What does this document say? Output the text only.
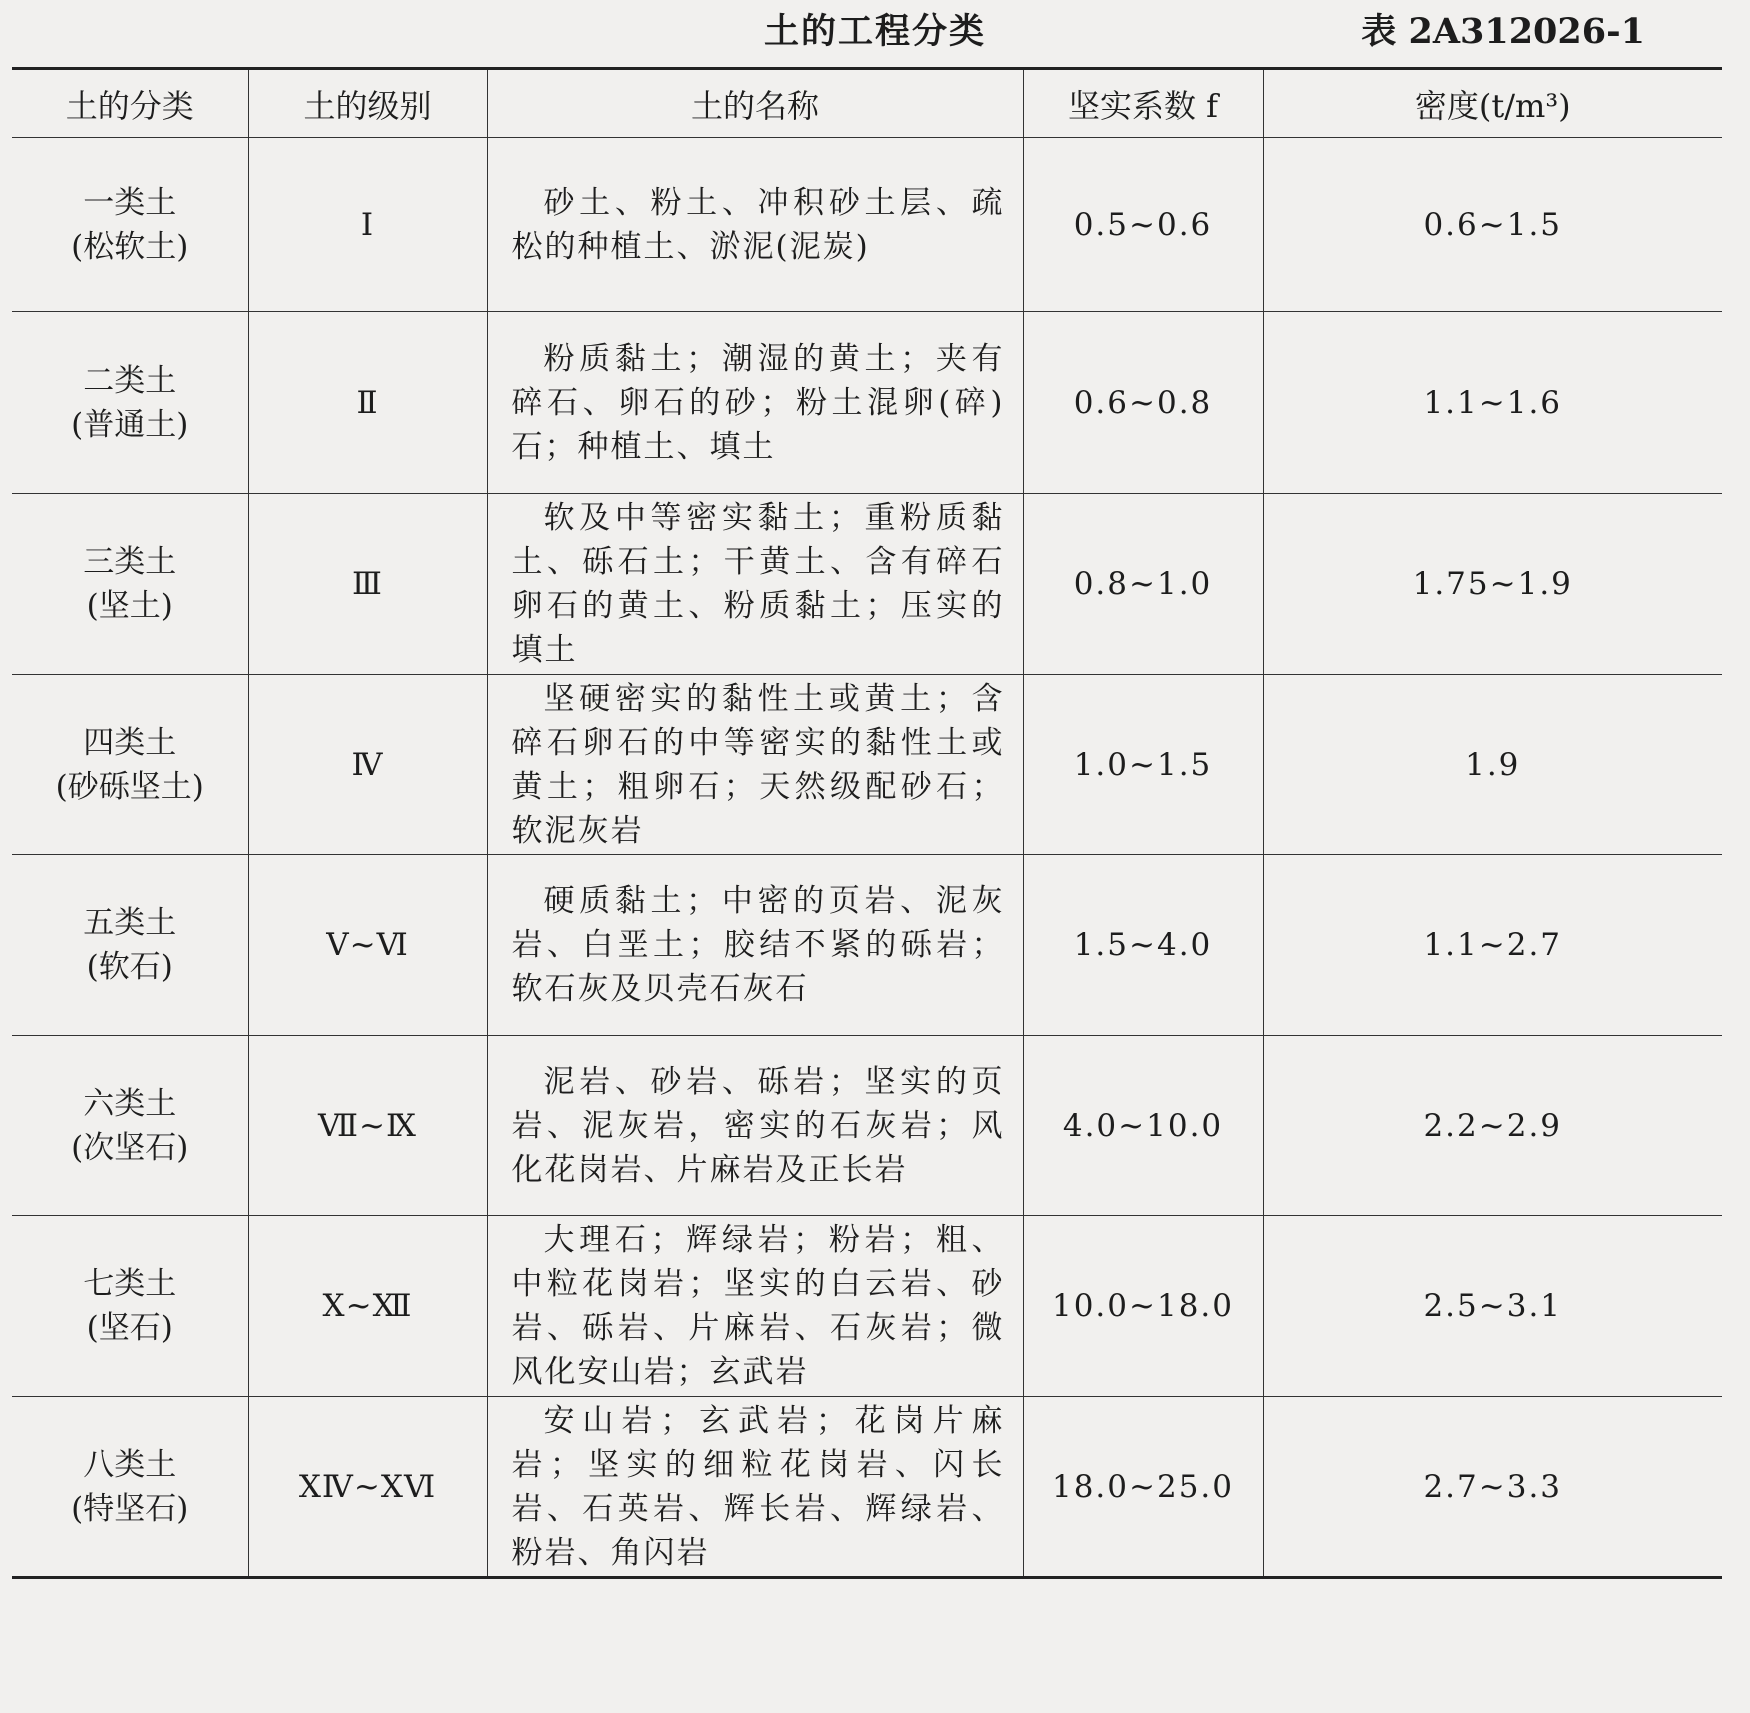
土的工程分类	表 2A312026-1
土的分类	土的级别	土的名称	坚实系数 f	密度(t/m³)

一类土
(松软土)	Ⅰ	砂土、粉土、冲积砂土层、疏松的种植土、淤泥(泥炭)	0.5~0.6	0.6~1.5

二类土
(普通土)	Ⅱ	粉质黏土；潮湿的黄土；夹有碎石、卵石的砂；粉土混卵(碎)石；种植土、填土	0.6~0.8	1.1~1.6

三类土
(坚土)	Ⅲ	软及中等密实黏土；重粉质黏土、砾石土；干黄土、含有碎石卵石的黄土、粉质黏土；压实的填土	0.8~1.0	1.75~1.9

四类土
(砂砾坚土)	Ⅳ	坚硬密实的黏性土或黄土；含碎石卵石的中等密实的黏性土或黄土；粗卵石；天然级配砂石；软泥灰岩	1.0~1.5	1.9

五类土
(软石)	Ⅴ~Ⅵ	硬质黏土；中密的页岩、泥灰岩、白垩土；胶结不紧的砾岩；软石灰及贝壳石灰石	1.5~4.0	1.1~2.7

六类土
(次坚石)	Ⅶ~Ⅸ	泥岩、砂岩、砾岩；坚实的页岩、泥灰岩，密实的石灰岩；风化花岗岩、片麻岩及正长岩	4.0~10.0	2.2~2.9

七类土
(坚石)	Ⅹ~Ⅻ	大理石；辉绿岩；粉岩；粗、中粒花岗岩；坚实的白云岩、砂岩、砾岩、片麻岩、石灰岩；微风化安山岩；玄武岩	10.0~18.0	2.5~3.1

八类土
(特坚石)	ⅩⅣ~ⅩⅥ	安山岩；玄武岩；花岗片麻岩；坚实的细粒花岗岩、闪长岩、石英岩、辉长岩、辉绿岩、粉岩、角闪岩	18.0~25.0	2.7~3.3
